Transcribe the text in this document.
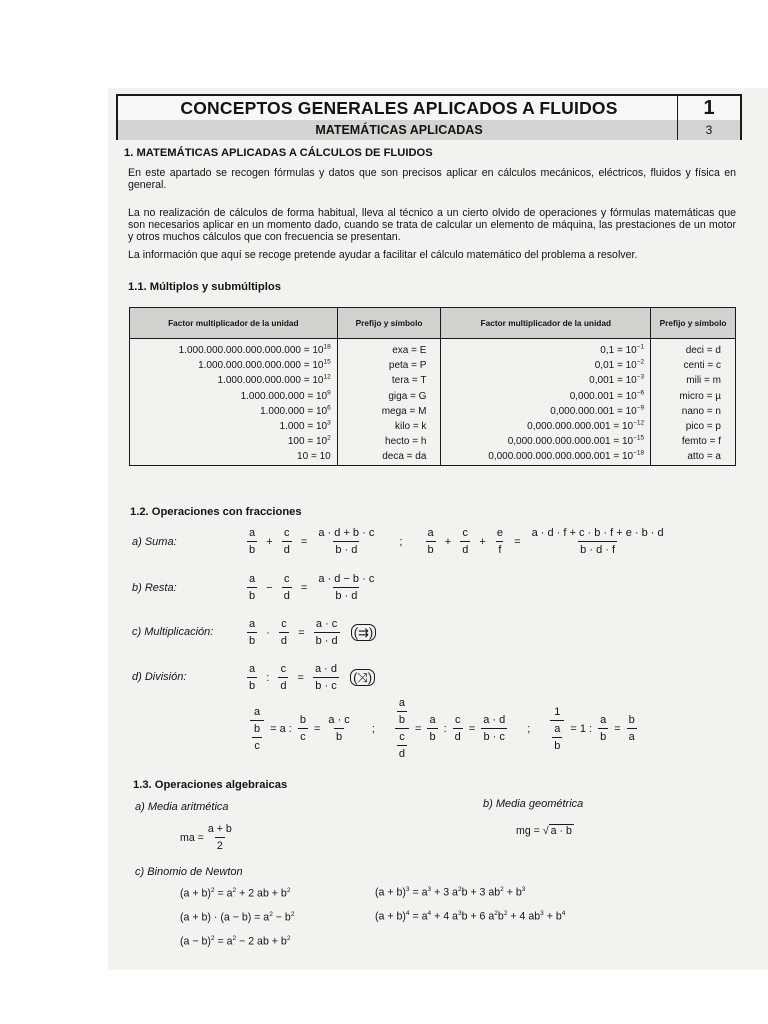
CONCEPTOS GENERALES APLICADOS A FLUIDOS	1
MATEMÁTICAS APLICADAS	3
1. MATEMÁTICAS APLICADAS A CÁLCULOS DE FLUIDOS

En este apartado se recogen fórmulas y datos que son precisos aplicar en cálculos mecánicos, eléctricos, fluidos y física en general.

La no realización de cálculos de forma habitual, lleva al técnico a un cierto olvido de operaciones y fórmulas matemáticas que son necesarios aplicar en un momento dado, cuando se trata de calcular un elemento de máquina, las prestaciones de un motor y otros muchos cálculos que con frecuencia se presentan.

La información que aquí se recoge pretende ayudar a facilitar el cálculo matemático del problema a resolver.

1.1. Múltiplos y submúltiplos
Factor multiplicador de la unidad	Prefijo y símbolo	Factor multiplicador de la unidad	Prefijo y símbolo
$1.000.000.000.000.000.000 = 10^{18}$	exa = E	$0,1 = 10^{-1}$	deci = d
$1.000.000.000.000.000 = 10^{15}$	peta = P	$0,01 = 10^{-2}$	centi = c
$1.000.000.000.000 = 10^{12}$	tera = T	$0,001 = 10^{-3}$	mili = m
$1.000.000.000 = 10^9$	giga = G	$0,000.001 = 10^{-6}$	micro = µ
$1.000.000 = 10^6$	mega = M	$0,000.000.001 = 10^{-9}$	nano = n
$1.000 = 10^3$	kilo = k	$0,000.000.000.001 = 10^{-12}$	pico = p
$100 = 10^2$	hecto = h	$0,000.000.000.000.001 = 10^{-15}$	femto = f
10 = 10	deca = da	$0,000.000.000.000.000.001 = 10^{-18}$	atto = a
1.2. Operaciones con fracciones
a) Suma:	$\frac{a}{b} + \frac{c}{d} = \frac{a \cdot d + b \cdot c}{b \cdot d}$ ; $\frac{a}{b} + \frac{c}{d} + \frac{e}{f} = \frac{a \cdot d \cdot f + c \cdot b \cdot f + e \cdot b \cdot d}{b \cdot d \cdot f}$
b) Resta:	$\frac{a}{b} - \frac{c}{d} = \frac{a \cdot d - b \cdot c}{b \cdot d}$
c) Multiplicación:	$\frac{a}{b} \cdot \frac{c}{d} = \frac{a \cdot c}{b \cdot d}$ (⇉)
d) División:	$\frac{a}{b}$ : $\frac{c}{d} = \frac{a \cdot d}{b \cdot c}$ (⤨)
$\frac{a}{\frac{b}{c}} = a$ : $\frac{b}{c} = \frac{a \cdot c}{b}$ ; $\frac{\frac{a}{b}}{\frac{c}{d}} = \frac{a}{b}$ : $\frac{c}{d} = \frac{a \cdot d}{b \cdot c}$ ; $\frac{1}{\frac{a}{b}} = 1$ : $\frac{a}{b} = \frac{b}{a}$
1.3. Operaciones algebraicas
a) Media aritmética
ma = $\frac{a + b}{2}$
b) Media geométrica
mg = √ a · b
c) Binomio de Newton
$(a + b)^2 = a^2 + 2$ ab + $b^2$
$(a + b) \cdot (a - b) = a^2 - b^2$
$(a - b)^2 = a^2 - 2$ ab + $b^2$
$(a + b)^3 = a^3 + 3$ $a^2b + 3$ $ab^2 + b^3$
$(a + b)^4 = a^4 + 4$ $a^3b + 6$ $a^2b^2 + 4$ $ab^3 + b^4$
